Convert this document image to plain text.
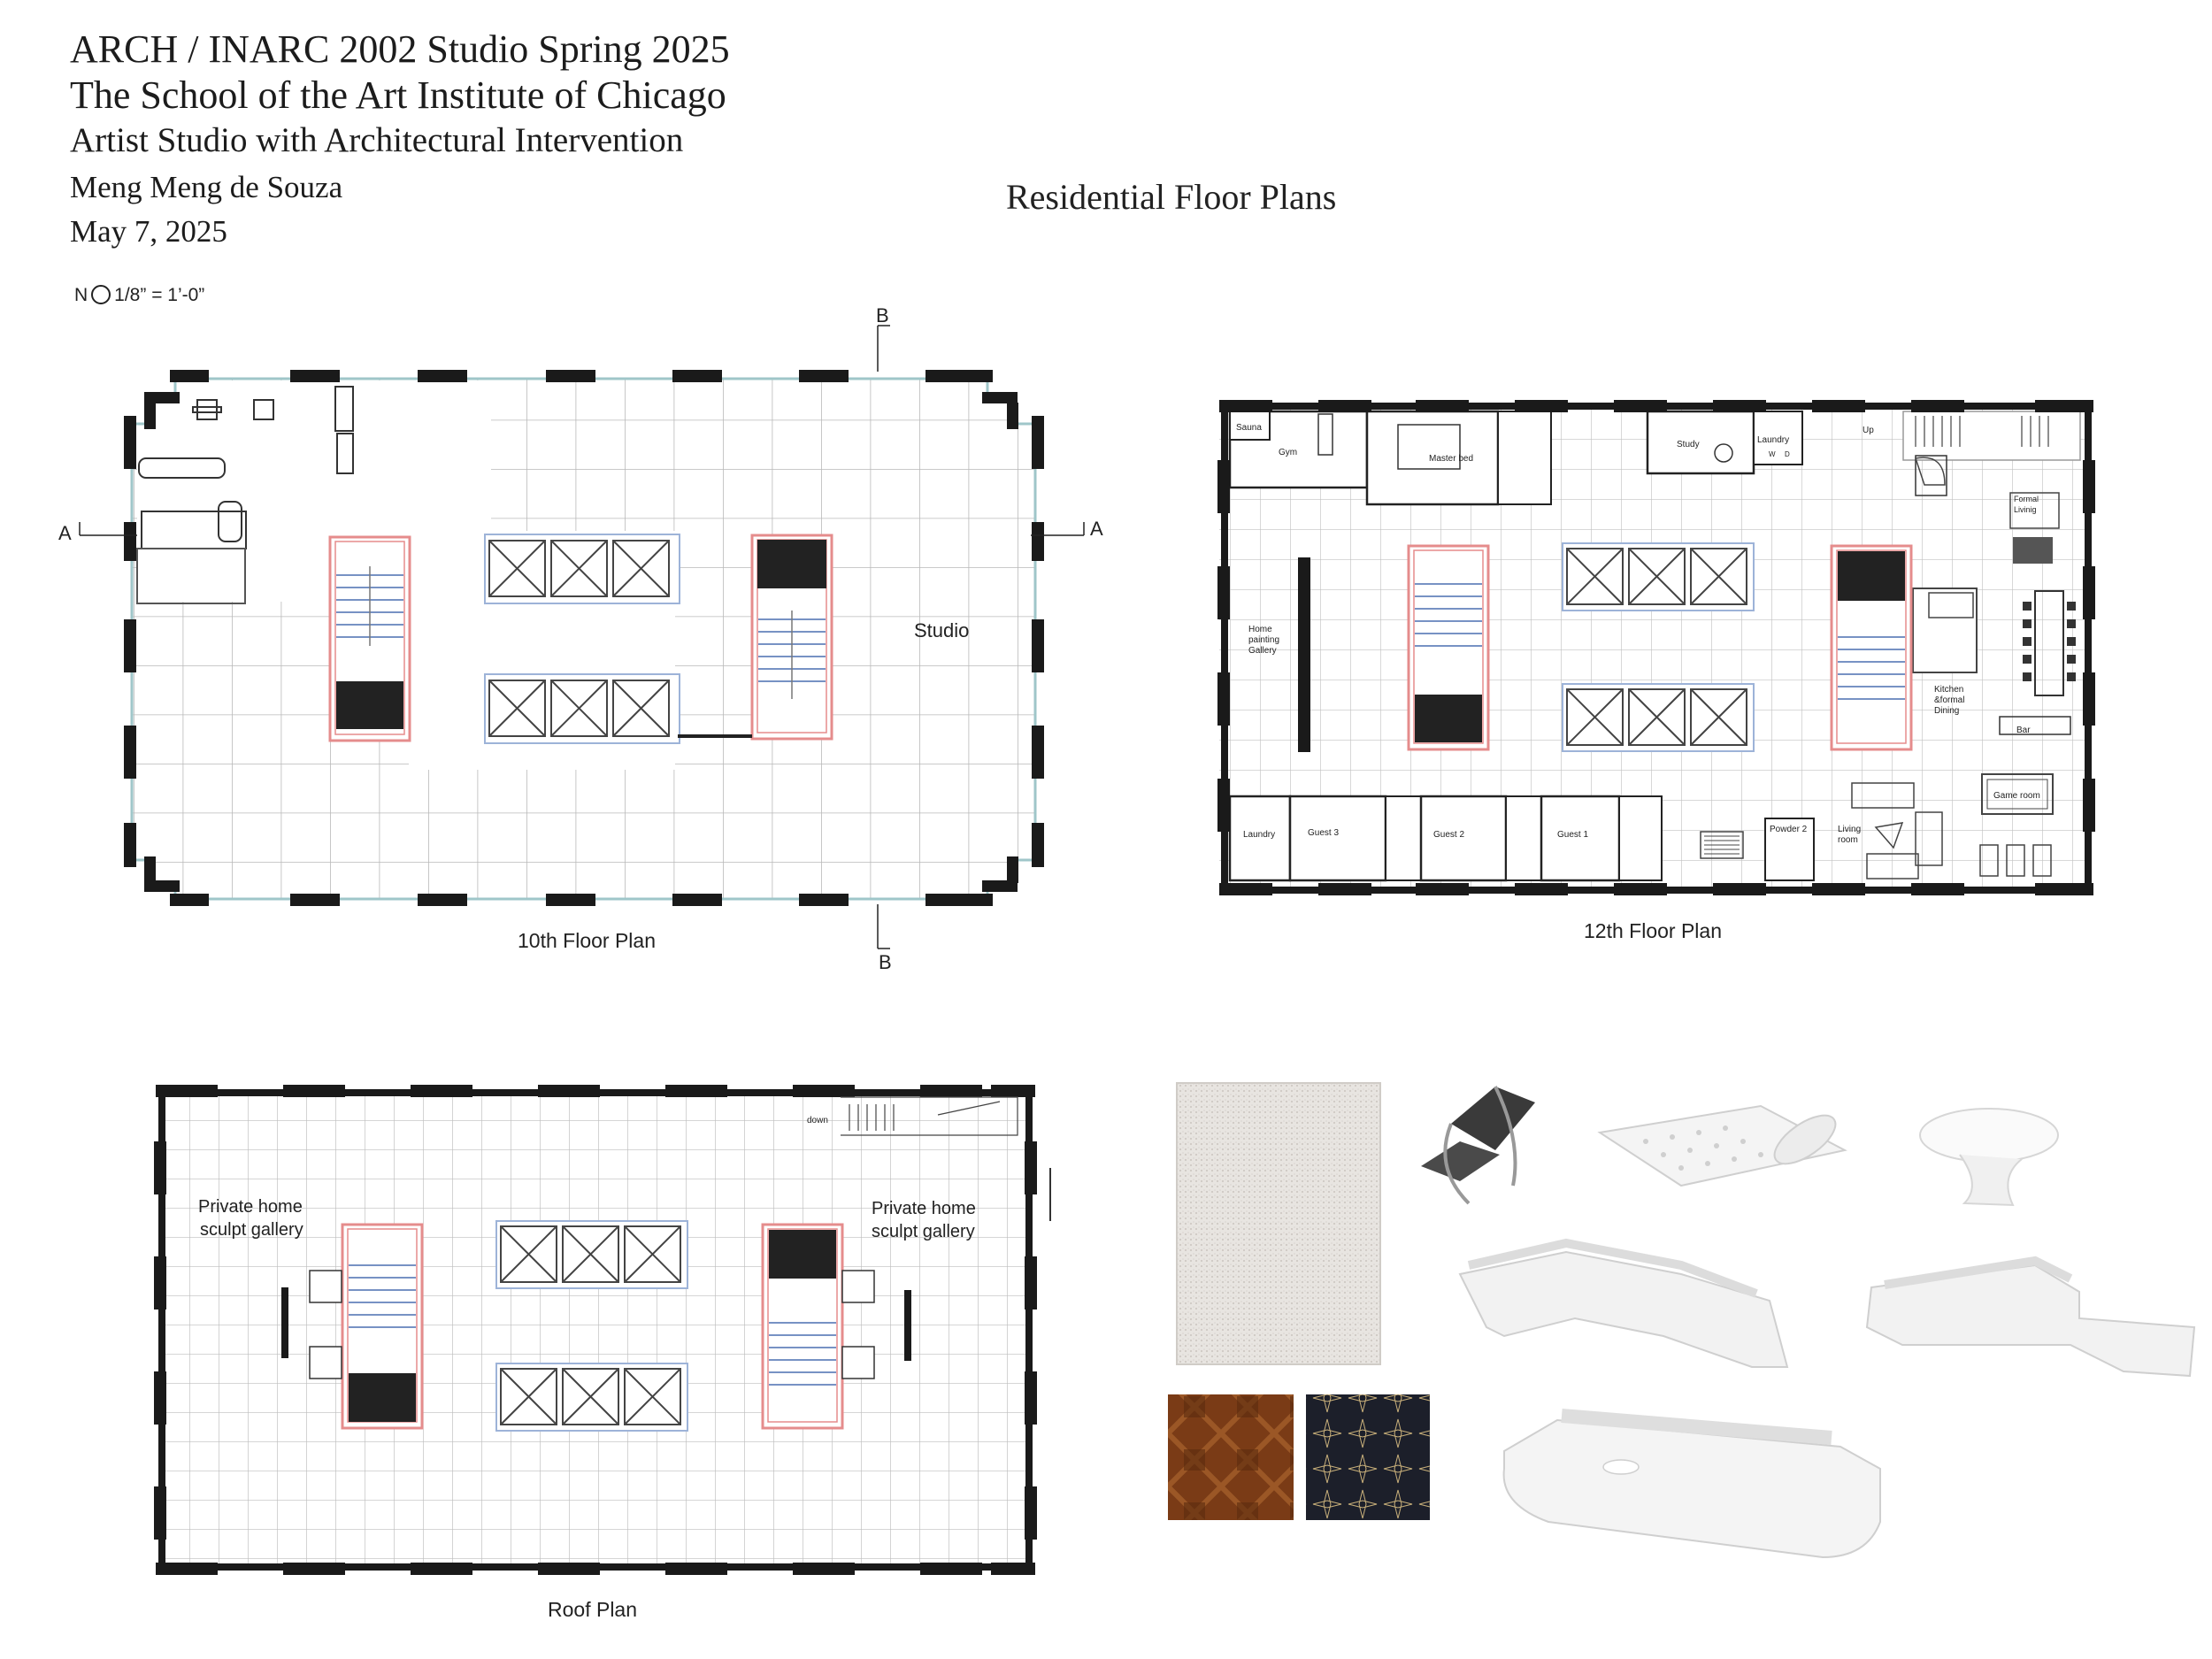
ARCH / INARC 2002 Studio Spring 2025
The School of the Art Institute of Chicago
Artist Studio with Architectural Intervention
Meng Meng de Souza
May 7, 2025
Residential Floor Plans
N 1/8” = 1’-0”
10th Floor Plan	12th Floor Plan
Roof Plan
A	A
B
B
Studio
Sauna
Gym
Master bed
Study	Laundry
W D
Up
Formal
Livinig
Home
painting
Gallery
Kitchen
&formal
Dining
Bar
Game room
Laundry	Guest 3	Guest 2	Guest 1
Powder 2	Living
room
down
Private home
sculpt gallery
Private home
sculpt gallery
